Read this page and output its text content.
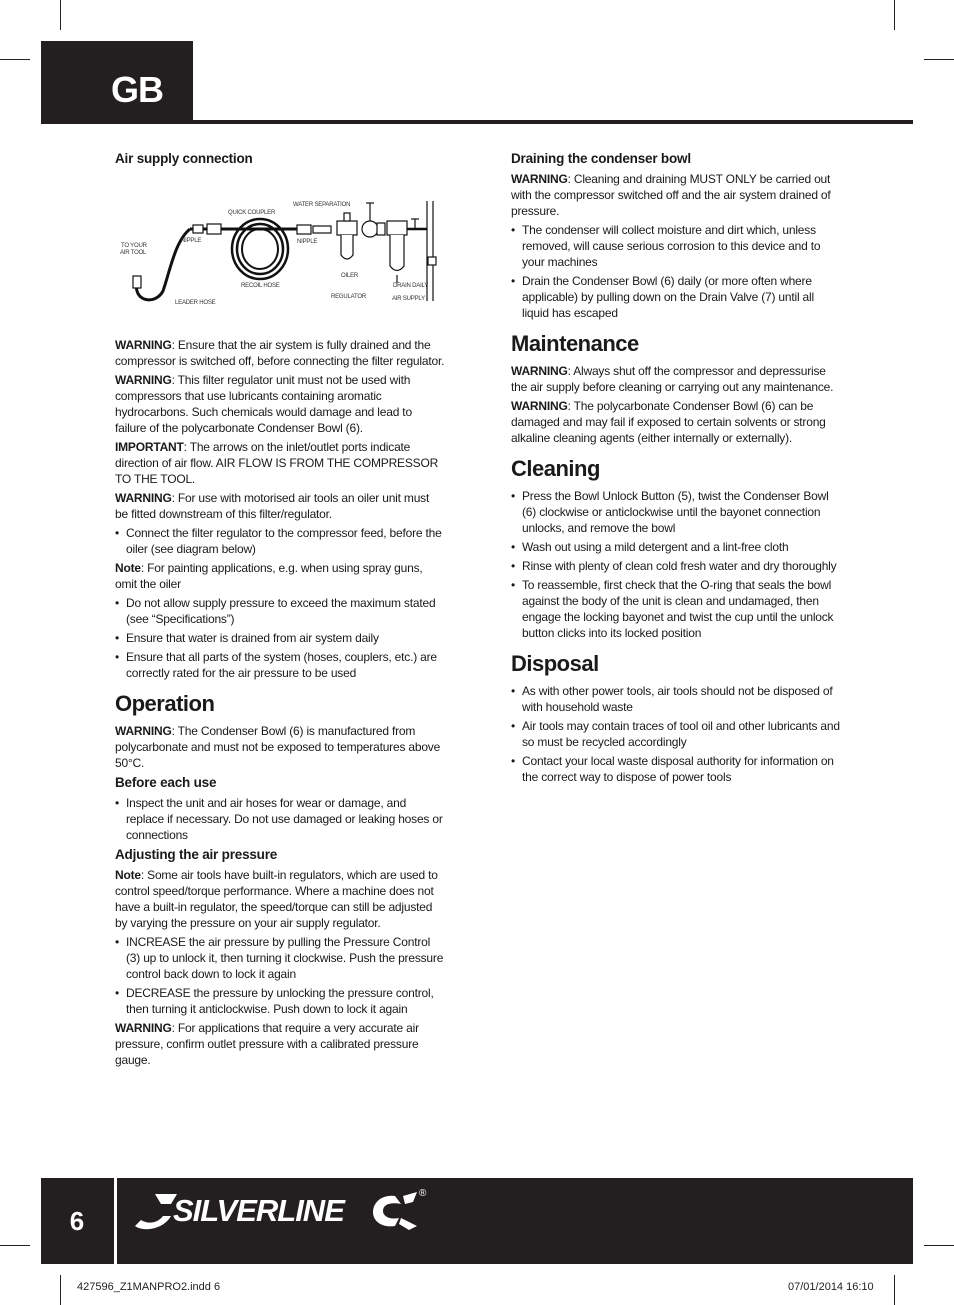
GB
Air supply connection
WATER SEPARATION
QUICK COUPLER
TO YOUR
AIR TOOL
NIPPLE	NIPPLE
OILER
RECOIL HOSE	DRAIN DAILY
REGULATOR	AIR SUPPLY
LEADER HOSE

WARNING: Ensure that the air system is fully drained and the compressor is switched off, before connecting the filter regulator.

WARNING: This filter regulator unit must not be used with compressors that use lubricants containing aromatic hydrocarbons. Such chemicals would damage and lead to failure of the polycarbonate Condenser Bowl (6).

IMPORTANT: The arrows on the inlet/outlet ports indicate direction of air flow. AIR FLOW IS FROM THE COMPRESSOR TO THE TOOL.

WARNING: For use with motorised air tools an oiler unit must be fitted downstream of this filter/regulator.

• Connect the filter regulator to the compressor feed, before the oiler (see diagram below)

Note: For painting applications, e.g. when using spray guns, omit the oiler

• Do not allow supply pressure to exceed the maximum stated (see “Specifications”)
• Ensure that water is drained from air system daily
• Ensure that all parts of the system (hoses, couplers, etc.) are correctly rated for the air pressure to be used
Operation

WARNING: The Condenser Bowl (6) is manufactured from polycarbonate and must not be exposed to temperatures above 50°C.

Before each use
• Inspect the unit and air hoses for wear or damage, and replace if necessary. Do not use damaged or leaking hoses or connections
Adjusting the air pressure

Note: Some air tools have built-in regulators, which are used to control speed/torque performance. Where a machine does not have a built-in regulator, the speed/torque can still be adjusted by varying the pressure on your air supply regulator.

• INCREASE the air pressure by pulling the Pressure Control (3) up to unlock it, then turning it clockwise. Push the pressure control back down to lock it again
• DECREASE the pressure by unlocking the pressure control, then turning it anticlockwise. Push down to lock it again

WARNING: For applications that require a very accurate air pressure, confirm outlet pressure with a calibrated pressure gauge.

Draining the condenser bowl

WARNING: Cleaning and draining MUST ONLY be carried out with the compressor switched off and the air system drained of pressure.

• The condenser will collect moisture and dirt which, unless removed, will cause serious corrosion to this device and to your machines
• Drain the Condenser Bowl (6) daily (or more often where applicable) by pulling down on the Drain Valve (7) until all liquid has escaped
Maintenance

WARNING: Always shut off the compressor and depressurise the air supply before cleaning or carrying out any maintenance.

WARNING: The polycarbonate Condenser Bowl (6) can be damaged and may fail if exposed to certain solvents or strong alkaline cleaning agents (either internally or externally).

Cleaning
• Press the Bowl Unlock Button (5), twist the Condenser Bowl (6) clockwise or anticlockwise until the bayonet connection unlocks, and remove the bowl
• Wash out using a mild detergent and a lint-free cloth
• Rinse with plenty of clean cold fresh water and dry thoroughly
• To reassemble, first check that the O-ring that seals the bowl against the body of the unit is clean and undamaged, then engage the locking bayonet and twist the cup until the unlock button clicks into its locked position
Disposal
• As with other power tools, air tools should not be disposed of with household waste
• Air tools may contain traces of tool oil and other lubricants and so must be recycled accordingly
• Contact your local waste disposal authority for information on the correct way to dispose of power tools
6	SILVERLINE	®
427596_Z1MANPRO2.indd 6	07/01/2014 16:10
